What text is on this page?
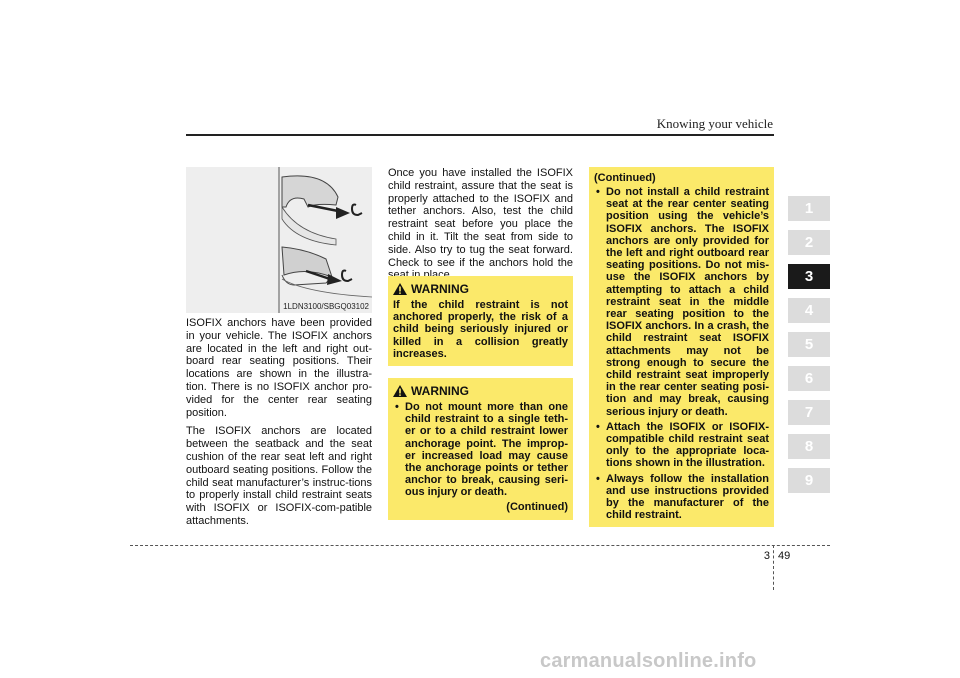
Knowing your vehicle
1LDN3100/SBGQ03102

ISOFIX anchors have been provided in your vehicle. The ISOFIX anchors are located in the left and right out-board rear seating positions. Their locations are shown in the illustra-tion. There is no ISOFIX anchor pro-vided for the center rear seating position.

The ISOFIX anchors are located between the seatback and the seat cushion of the rear seat left and right outboard seating positions. Follow the child seat manufacturer’s instruc-tions to properly install child restraint seats with ISOFIX or ISOFIX-com-patible attachments.

Once you have installed the ISOFIX child restraint, assure that the seat is properly attached to the ISOFIX and tether anchors. Also, test the child restraint seat before you place the child in it. Tilt the seat from side to side. Also try to tug the seat forward. Check to see if the anchors hold the

WARNING

If the child restraint is not anchored properly, the risk of a child being seriously injured or killed in a collision greatly increases.

WARNING
• Do not mount more than one child restraint to a single teth-er or to a child restraint lower anchorage point. The improp-er increased load may cause the anchorage points or tether anchor to break, causing seri-ous injury or death.
(Continued)
(Continued)
• Do not install a child restraint seat at the rear center seating position using the vehicle’s ISOFIX anchors. The ISOFIX anchors are only provided for the left and right outboard rear seating positions. Do not mis-use the ISOFIX anchors by attempting to attach a child restraint seat in the middle rear seating position to the ISOFIX anchors. In a crash, the child restraint seat ISOFIX attachments may not be strong enough to secure the child restraint seat improperly in the rear center seating posi-tion and may break, causing serious injury or death.
• Attach the ISOFIX or ISOFIX-compatible child restraint seat only to the appropriate loca-tions shown in the illustration.
• Always follow the installation and use instructions provided by the manufacturer of the child restraint.
1
2
3
4
5
6
7
8
9
3 49
carmanualsonline.info
